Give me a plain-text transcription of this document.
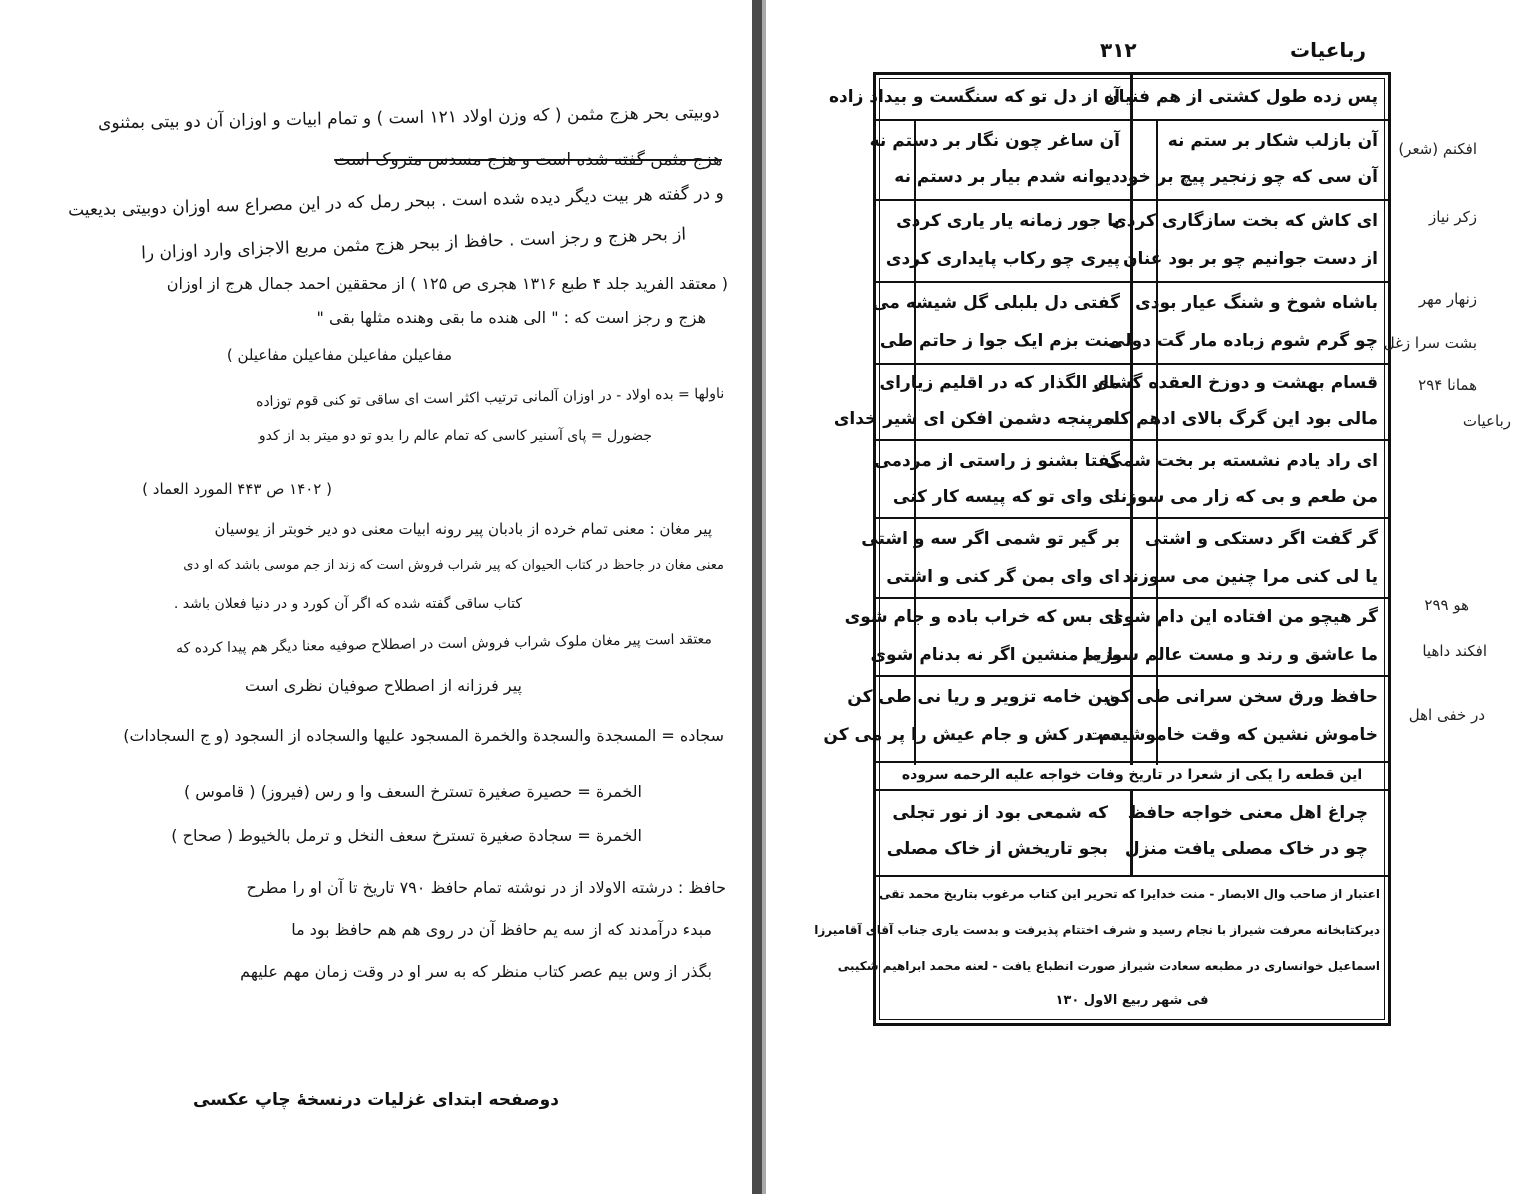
دوبیتی بحر هزج مثمن ( که وزن اولاد ۱۲۱ است ) و تمام ابیات و اوزان آن دو بیتی بمثنوی
هزج مثمن گفته شده است و هزج مسدس متروک است
و در گفته هر بیت دیگر دیده شده است . ببحر رمل که در این مصراع سه اوزان دوبیتی بدیعیت
از بحر هزج و رجز است . حافظ از ببحر هزج مثمن مربع الاجزای وارد اوزان را
( معتقد الفرید جلد ۴ طبع ۱۳۱۶ هجری ص ۱۲۵ ) از محققین احمد جمال هرج از اوزان
هزج و رجز است که : " الی هنده ما بقی وهنده مثلها بقی "
مفاعیلن مفاعیلن مفاعیلن مفاعیلن )
ناولها = بده اولاد - در اوزان آلمانی ترتیب اکثر است ای ساقی تو کنی قوم توزاده
جضورل = پای آسنیر کاسی که تمام عالم را بدو تو دو میتر بد از کدو
( ۱۴۰۲ ص ۴۴۳ المورد العماد )
پیر مغان : معنی تمام خرده از بادبان پیر رونه ابیات معنی دو دیر خوبتر از یوسیان
معنی مغان در جاحظ در کتاب الحیوان که پیر شراب فروش است که زند از جم موسی باشد که او دی
کتاب ساقی گفته شده که اگر آن کورد و در دنیا فعلان باشد .
معتقد است پیر مغان ملوک شراب فروش است در اصطلاح صوفیه معنا دیگر هم پیدا کرده که
پیر فرزانه از اصطلاح صوفیان نظری است
سجاده = المسجدة والسجدة والخمرة المسجود علیها والسجاده از السجود (و ج السجادات)
الخمرة = حصیرة صغیرة تسترخ السعف وا و رس (فیروز) ( قاموس )
الخمرة = سجادة صغیرة تسترخ سعف النخل و ترمل بالخیوط ( صحاح )
حافظ : درشته الاولاد از در نوشته تمام حافظ ۷۹۰ تاریخ تا آن او را مطرح
مبدء درآمدند که از سه یم حافظ آن در روی هم هم حافظ بود ما
بگذر از وس بیم عصر کتاب منظر که به سر او در وقت زمان مهم علیهم
دوصفحه ابتدای غزلیات درنسخهٔ چاپ عکسی
رباعیات
۳۱۲
پس زده طول کشتی از هم فنیان
آه از دل تو که سنگست و بیداد زاده
آن بازلب شکار بر ستم نه
آن سی که چو زنجیر پیچ بر خود
آن ساغر چون نگار بر دستم نه
دیوانه شدم بیار بر دستم نه
ای کاش که بخت سازگاری کردی
از دست جوانیم چو بر بود عنان
با جور زمانه یار یاری کردی
پیری چو رکاب پایداری کردی
باشاه شوخ و شنگ عیار بودی
چو گرم شوم زباده مار گت دولی
گفتی دل بلبلی گل شیشه می
منت بزم ایک جوا ز حاتم طی
قسام بهشت و دوزخ العقده گشای
مالی بود این گرگ بالای ادهم کاه
مار الگذار که در اقلیم زیارای
سرپنجه دشمن افکن ای شیر خدای
ای راد یادم نشسته بر بخت شمی
من طعم و بی که زار می سوزند
گفتا بشنو ز راستی از مردمی
ای وای تو که پیسه کار کنی
گر گفت اگر دستکی و اشتی
یا لی کنی مرا چنین می سوزند
بر گیر تو شمی اگر سه و اشتی
ای وای بمن گر کنی و اشتی
گر هیچو من افتاده این دام شوی
ما عاشق و رند و مست عالم سوزیم
ای بس که خراب باده و جام شوی
با ما منشین اگر نه بدنام شوی
حافظ ورق سخن سرانی طی کن
خاموش نشین که وقت خاموشیست
وین خامه تزویر و ریا نی طی کن
دم در کش و جام عیش را پر می کن
این قطعه را یکی از شعرا در تاریخ وفات خواجه علیه الرحمه سروده
چراغ اهل معنی خواجه حافظ
چو در خاک مصلی یافت منزل
که شمعی بود از نور تجلی
بجو تاریخش از خاک مصلی
اعتبار از صاحب وال الابصار - منت خدایرا که تحریر این کتاب مرغوب بتاریخ محمد تقی
دیرکتابخانه معرفت شیراز با نجام رسید و شرف اختتام پذیرفت و بدست یاری جناب آقای آقامیرزا
اسماعیل خوانساری در مطبعه سعادت شیراز صورت انطباع یافت - لعنه محمد ابراهیم شکیبی
فی شهر ربیع الاول ۱۳۰
افکنم (شعر)
زکر نیاز
زنهار مهر
بشت سرا زغل
همانا ۲۹۴
رباعیات
هو ۲۹۹
افکند داهیا
در خفی اهل
